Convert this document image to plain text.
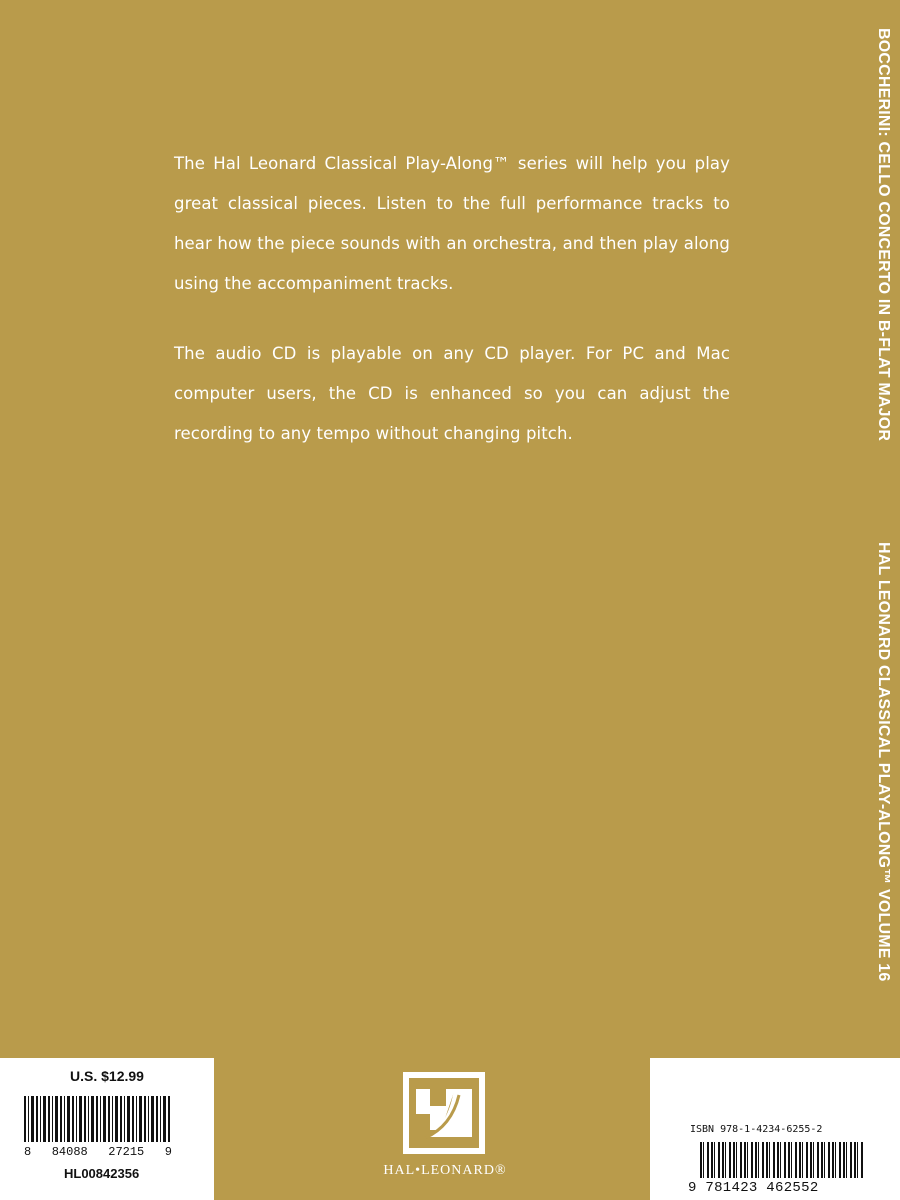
The Hal Leonard Classical Play-Along™ series will help you play great classical pieces. Listen to the full performance tracks to hear how the piece sounds with an orchestra, and then play along using the accompaniment tracks.

The audio CD is playable on any CD player. For PC and Mac computer users, the CD is enhanced so you can adjust the recording to any tempo without changing pitch.	BOCCHERINI: CELLO CONCERTO IN B-FLAT MAJOR
HAL LEONARD CLASSICAL PLAY-ALONG™ VOLUME 16
U.S. $12.99
8 84088 27215 9
HL00842356
ISBN 978-1-4234-6255-2
9 781423 462552
HAL•LEONARD®
